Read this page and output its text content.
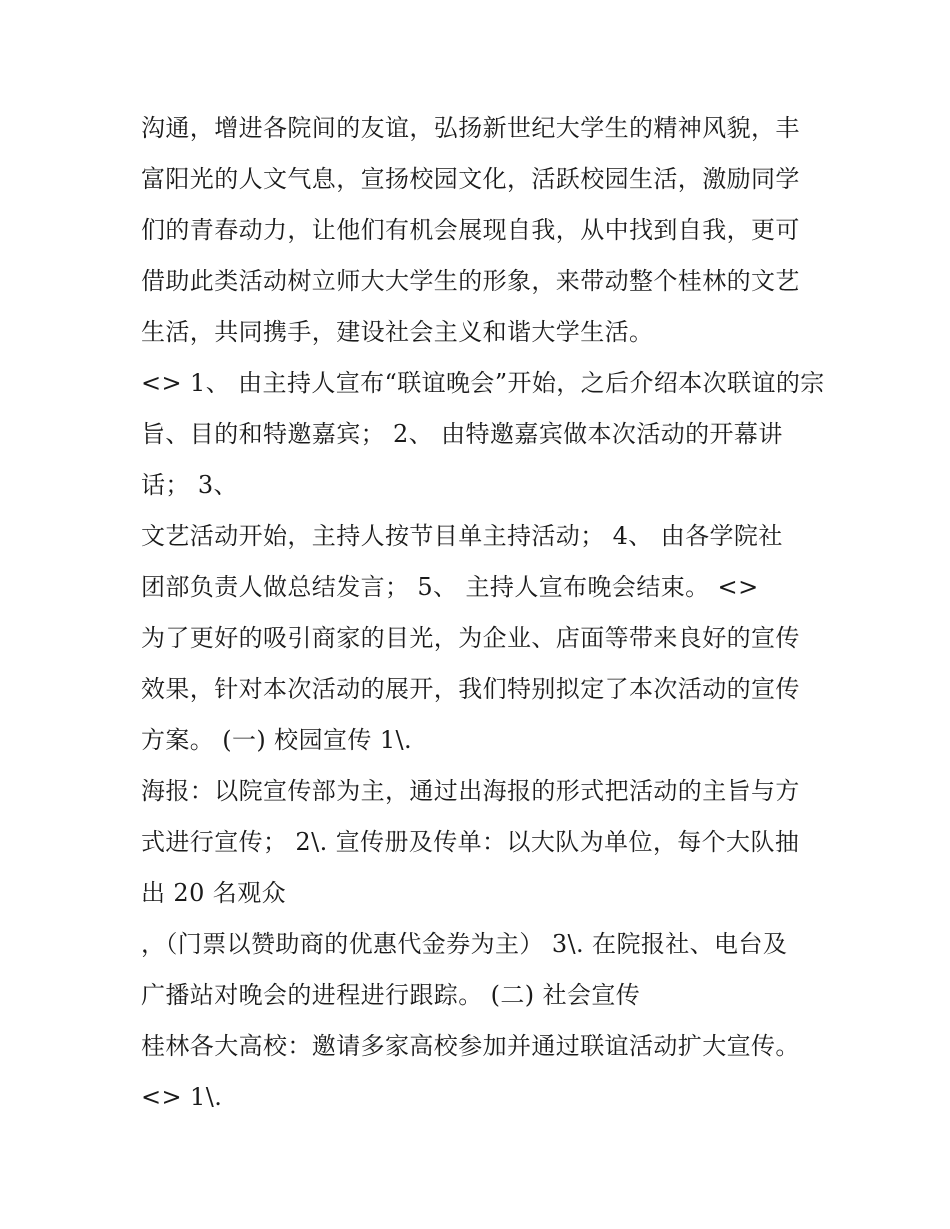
沟通，增进各院间的友谊，弘扬新世纪大学生的精神风貌，丰
富阳光的人文气息，宣扬校园文化，活跃校园生活，激励同学
们的青春动力，让他们有机会展现自我，从中找到自我，更可
借助此类活动树立师大大学生的形象，来带动整个桂林的文艺
生活，共同携手，建设社会主义和谐大学生活。
<> 1、 由主持人宣布“联谊晚会”开始，之后介绍本次联谊的宗
旨、目的和特邀嘉宾； 2、 由特邀嘉宾做本次活动的开幕讲
话； 3、
文艺活动开始，主持人按节目单主持活动； 4、 由各学院社
团部负责人做总结发言； 5、 主持人宣布晚会结束。 <>
为了更好的吸引商家的目光，为企业、店面等带来良好的宣传
效果，针对本次活动的展开，我们特别拟定了本次活动的宣传
方案。 (一) 校园宣传 1\.
海报：以院宣传部为主，通过出海报的形式把活动的主旨与方
式进行宣传； 2\. 宣传册及传单：以大队为单位，每个大队抽
出 20 名观众
，（门票以赞助商的优惠代金券为主） 3\. 在院报社、电台及
广播站对晚会的进程进行跟踪。 (二) 社会宣传
桂林各大高校：邀请多家高校参加并通过联谊活动扩大宣传。
<> 1\.
